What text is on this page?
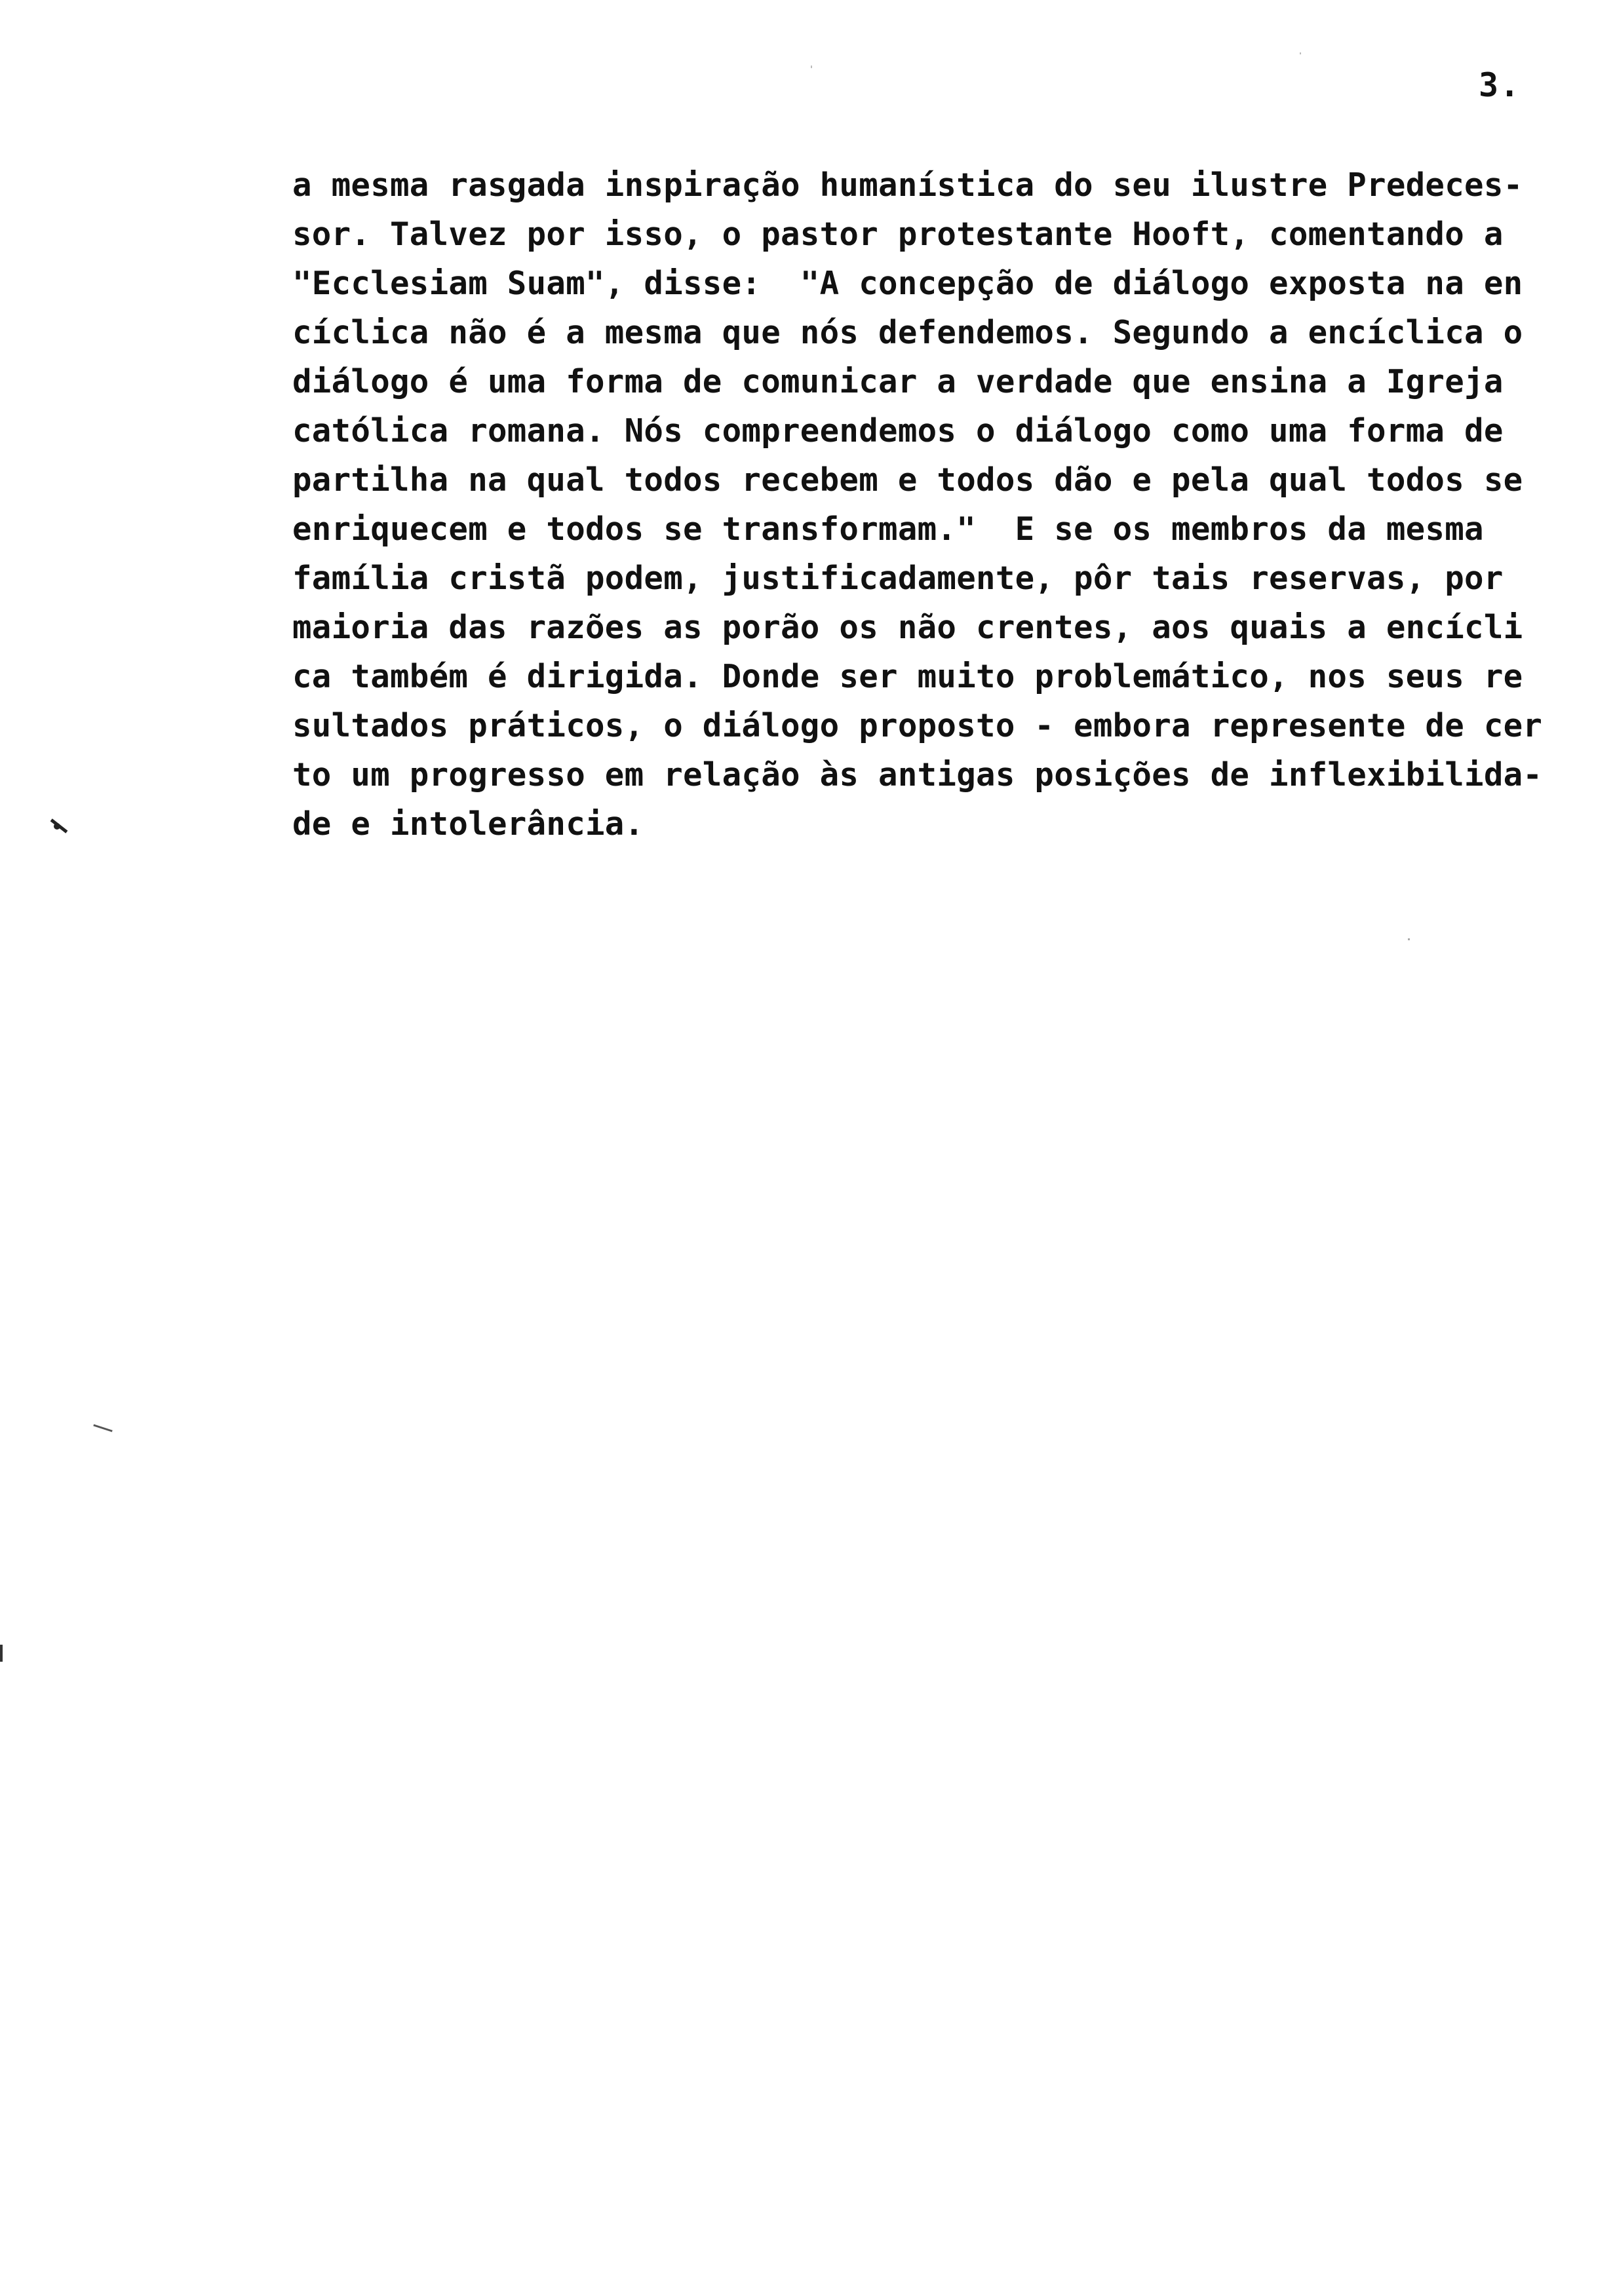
3.
a mesma rasgada inspiração humanística do seu ilustre Predeces-
sor. Talvez por isso, o pastor protestante Hooft, comentando a
"Ecclesiam Suam", disse:  "A concepção de diálogo exposta na en
cíclica não é a mesma que nós defendemos. Segundo a encíclica o
diálogo é uma forma de comunicar a verdade que ensina a Igreja
católica romana. Nós compreendemos o diálogo como uma forma de
partilha na qual todos recebem e todos dão e pela qual todos se
enriquecem e todos se transformam."  E se os membros da mesma
família cristã podem, justificadamente, pôr tais reservas, por
maioria das razões as porão os não crentes, aos quais a encícli
ca também é dirigida. Donde ser muito problemático, nos seus re
sultados práticos, o diálogo proposto - embora represente de cer
to um progresso em relação às antigas posições de inflexibilida-
de e intolerância.
